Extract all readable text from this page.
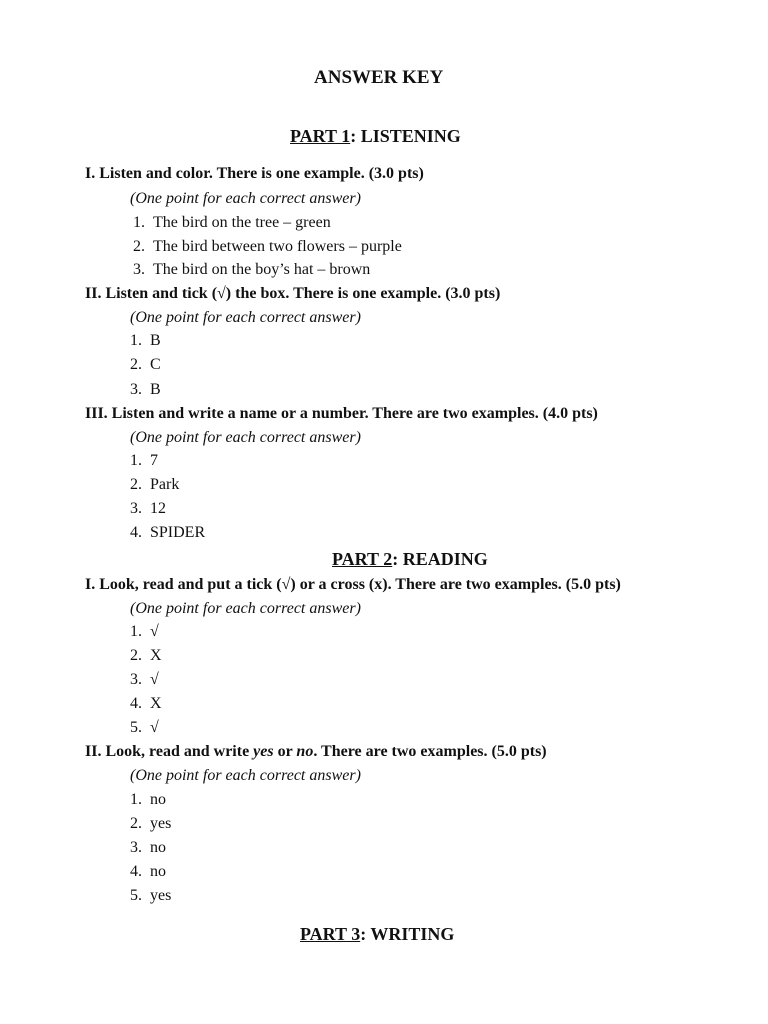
ANSWER KEY
PART 1: LISTENING
I. Listen and color. There is one example. (3.0 pts)
(One point for each correct answer)
1. The bird on the tree – green
2. The bird between two flowers – purple
3. The bird on the boy’s hat – brown
II. Listen and tick (√) the box. There is one example. (3.0 pts)
(One point for each correct answer)
1. B
2. C
3. B
III. Listen and write a name or a number. There are two examples. (4.0 pts)
(One point for each correct answer)
1. 7
2. Park
3. 12
4. SPIDER
PART 2: READING
I. Look, read and put a tick (√) or a cross (x). There are two examples. (5.0 pts)
(One point for each correct answer)
1. √
2. X
3. √
4. X
5. √
II. Look, read and write yes or no. There are two examples. (5.0 pts)
(One point for each correct answer)
1. no
2. yes
3. no
4. no
5. yes
PART 3: WRITING
